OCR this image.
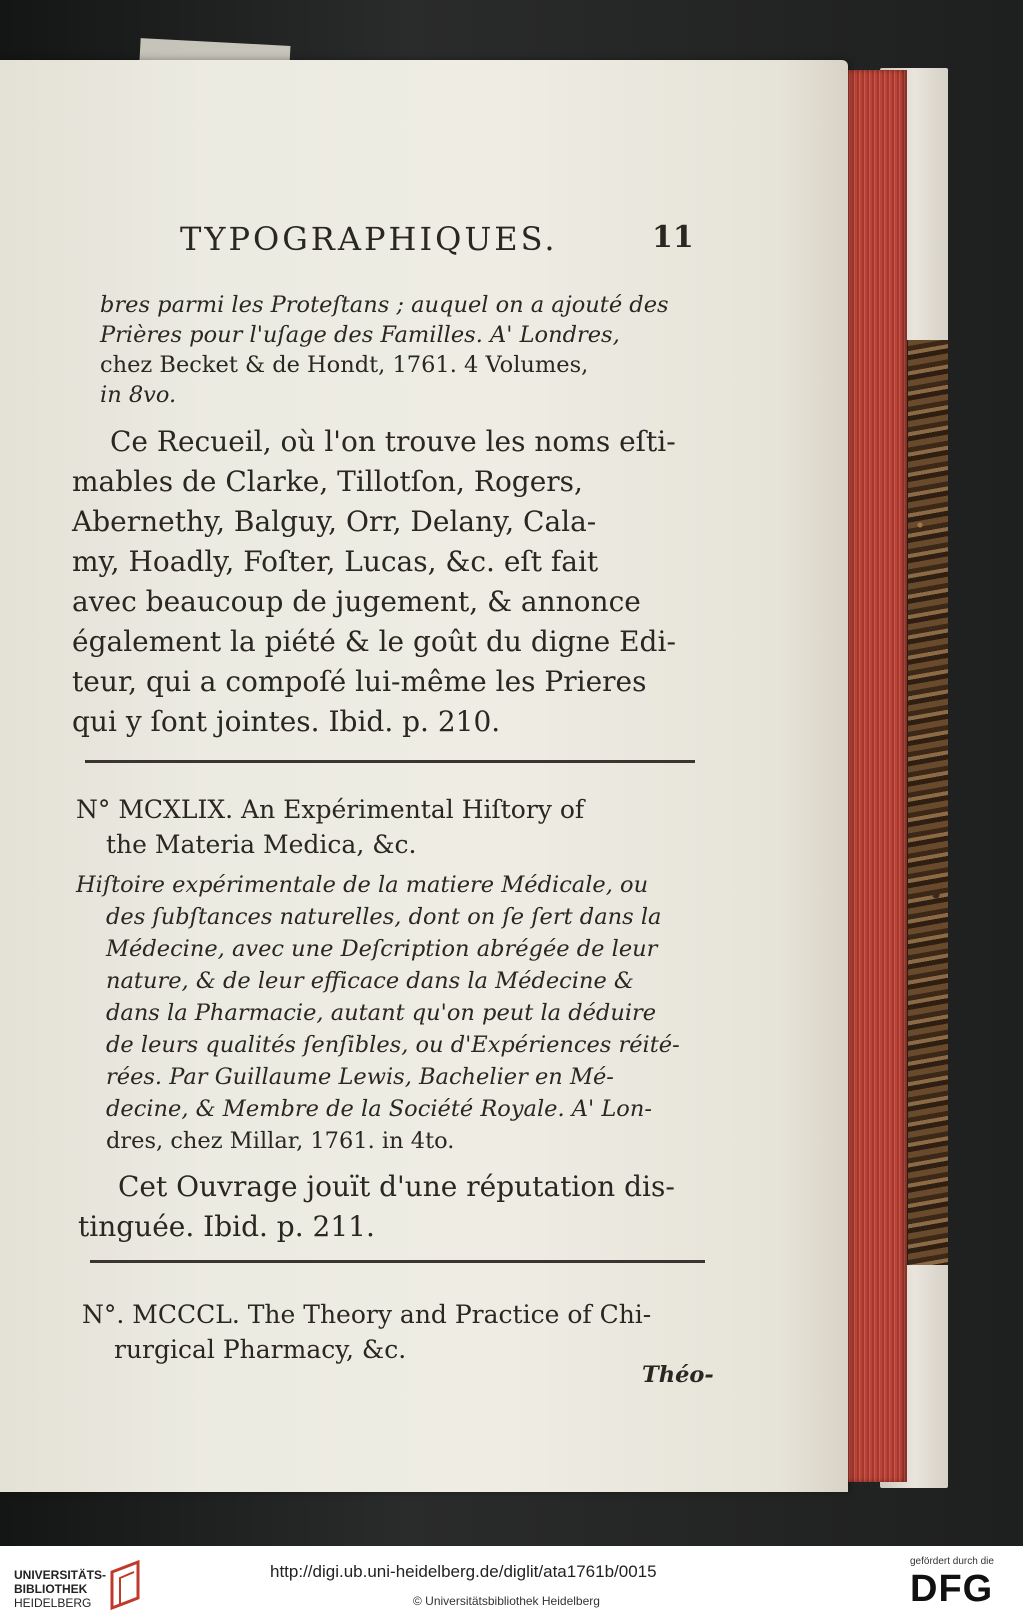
TYPOGRAPHIQUES.	11
bres parmi les Proteſtans ; auquel on a ajouté des
Prières pour l'uſage des Familles. A' Londres,
chez Becket & de Hondt, 1761. 4 Volumes,
in 8vo.
Ce Recueil, où l'on trouve les noms eſti-
mables de Clarke, Tillotſon, Rogers,
Abernethy, Balguy, Orr, Delany, Cala-
my, Hoadly, Foſter, Lucas, &c. eſt fait
avec beaucoup de jugement, & annonce
également la piété & le goût du digne Edi-
teur, qui a compoſé lui-même les Prieres
qui y ſont jointes. Ibid. p. 210.
N° MCXLIX. An Expérimental Hiſtory of
the Materia Medica, &c.
Hiſtoire expérimentale de la matiere Médicale, ou
des ſubſtances naturelles, dont on ſe ſert dans la
Médecine, avec une Deſcription abrégée de leur
nature, & de leur efficace dans la Médecine &
dans la Pharmacie, autant qu'on peut la déduire
de leurs qualités ſenſibles, ou d'Expériences réité-
rées. Par Guillaume Lewis, Bachelier en Mé-
decine, & Membre de la Société Royale. A' Lon-
dres, chez Millar, 1761. in 4to.
Cet Ouvrage jouït d'une réputation dis-
tinguée. Ibid. p. 211.
N°. MCCCL. The Theory and Practice of Chi-
rurgical Pharmacy, &c.
Théo-
UNIVERSITÄTS-
BIBLIOTHEK
HEIDELBERG
http://digi.ub.uni-heidelberg.de/diglit/ata1761b/0015
© Universitätsbibliothek Heidelberg
gefördert durch die
DFG
